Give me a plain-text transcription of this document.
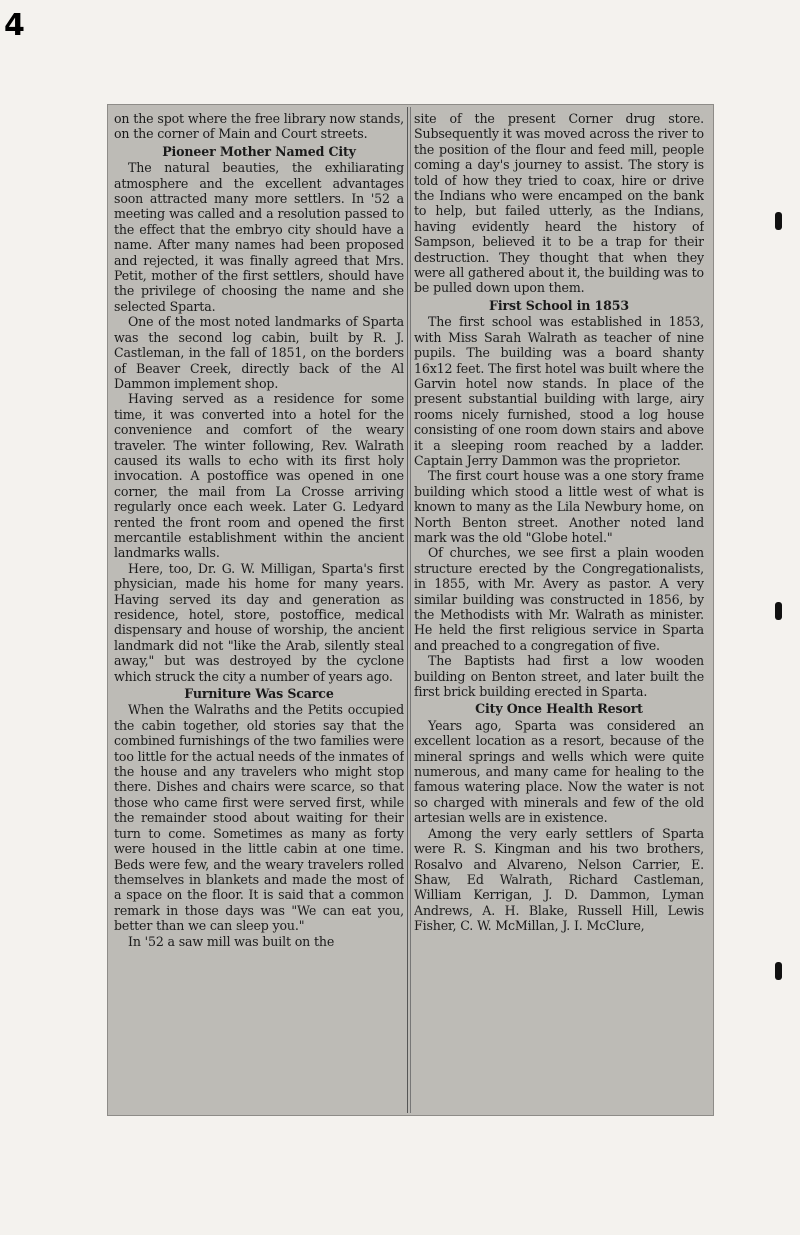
4

on the spot where the free library now stands, on the corner of Main and Court streets.

Pioneer Mother Named City

The natural beauties, the exhiliarating atmosphere and the excellent advantages soon attracted many more settlers. In '52 a meeting was called and a resolution passed to the effect that the embryo city should have a name. After many names had been proposed and rejected, it was finally agreed that Mrs. Petit, mother of the first settlers, should have the privilege of choosing the name and she selected Sparta.

One of the most noted landmarks of Sparta was the second log cabin, built by R. J. Castleman, in the fall of 1851, on the borders of Beaver Creek, directly back of the Al Dammon implement shop.

Having served as a residence for some time, it was converted into a hotel for the convenience and comfort of the weary traveler. The winter following, Rev. Walrath caused its walls to echo with its first holy invocation. A postoffice was opened in one corner, the mail from La Crosse arriving regularly once each week. Later G. Ledyard rented the front room and opened the first mercantile establishment within the ancient landmarks walls.

Here, too, Dr. G. W. Milligan, Sparta's first physician, made his home for many years. Having served its day and generation as residence, hotel, store, postoffice, medical dispensary and house of worship, the ancient landmark did not "like the Arab, silently steal away," but was destroyed by the cyclone which struck the city a number of years ago.

Furniture Was Scarce

When the Walraths and the Petits occupied the cabin together, old stories say that the combined furnishings of the two families were too little for the actual needs of the inmates of the house and any travelers who might stop there. Dishes and chairs were scarce, so that those who came first were served first, while the remainder stood about waiting for their turn to come. Sometimes as many as forty were housed in the little cabin at one time. Beds were few, and the weary travelers rolled themselves in blankets and made the most of a space on the floor. It is said that a common remark in those days was "We can eat you, better than we can sleep you."

In '52 a saw mill was built on the

site of the present Corner drug store. Subsequently it was moved across the river to the position of the flour and feed mill, people coming a day's journey to assist. The story is told of how they tried to coax, hire or drive the Indians who were encamped on the bank to help, but failed utterly, as the Indians, having evidently heard the history of Sampson, believed it to be a trap for their destruction. They thought that when they were all gathered about it, the building was to be pulled down upon them.

First School in 1853

The first school was established in 1853, with Miss Sarah Walrath as teacher of nine pupils. The building was a board shanty 16x12 feet. The first hotel was built where the Garvin hotel now stands. In place of the present substantial building with large, airy rooms nicely furnished, stood a log house consisting of one room down stairs and above it a sleeping room reached by a ladder. Captain Jerry Dammon was the proprietor.

The first court house was a one story frame building which stood a little west of what is known to many as the Lila Newbury home, on North Benton street. Another noted land mark was the old "Globe hotel."

Of churches, we see first a plain wooden structure erected by the Congregationalists, in 1855, with Mr. Avery as pastor. A very similar building was constructed in 1856, by the Methodists with Mr. Walrath as minister. He held the first religious service in Sparta and preached to a congregation of five.

The Baptists had first a low wooden building on Benton street, and later built the first brick building erected in Sparta.

City Once Health Resort

Years ago, Sparta was considered an excellent location as a resort, because of the mineral springs and wells which were quite numerous, and many came for healing to the famous watering place. Now the water is not so charged with minerals and few of the old artesian wells are in existence.

Among the very early settlers of Sparta were R. S. Kingman and his two brothers, Rosalvo and Alvareno, Nelson Carrier, E. Shaw, Ed Walrath, Richard Castleman, William Kerrigan, J. D. Dammon, Lyman Andrews, A. H. Blake, Russell Hill, Lewis Fisher, C. W. McMillan, J. I. McClure,
